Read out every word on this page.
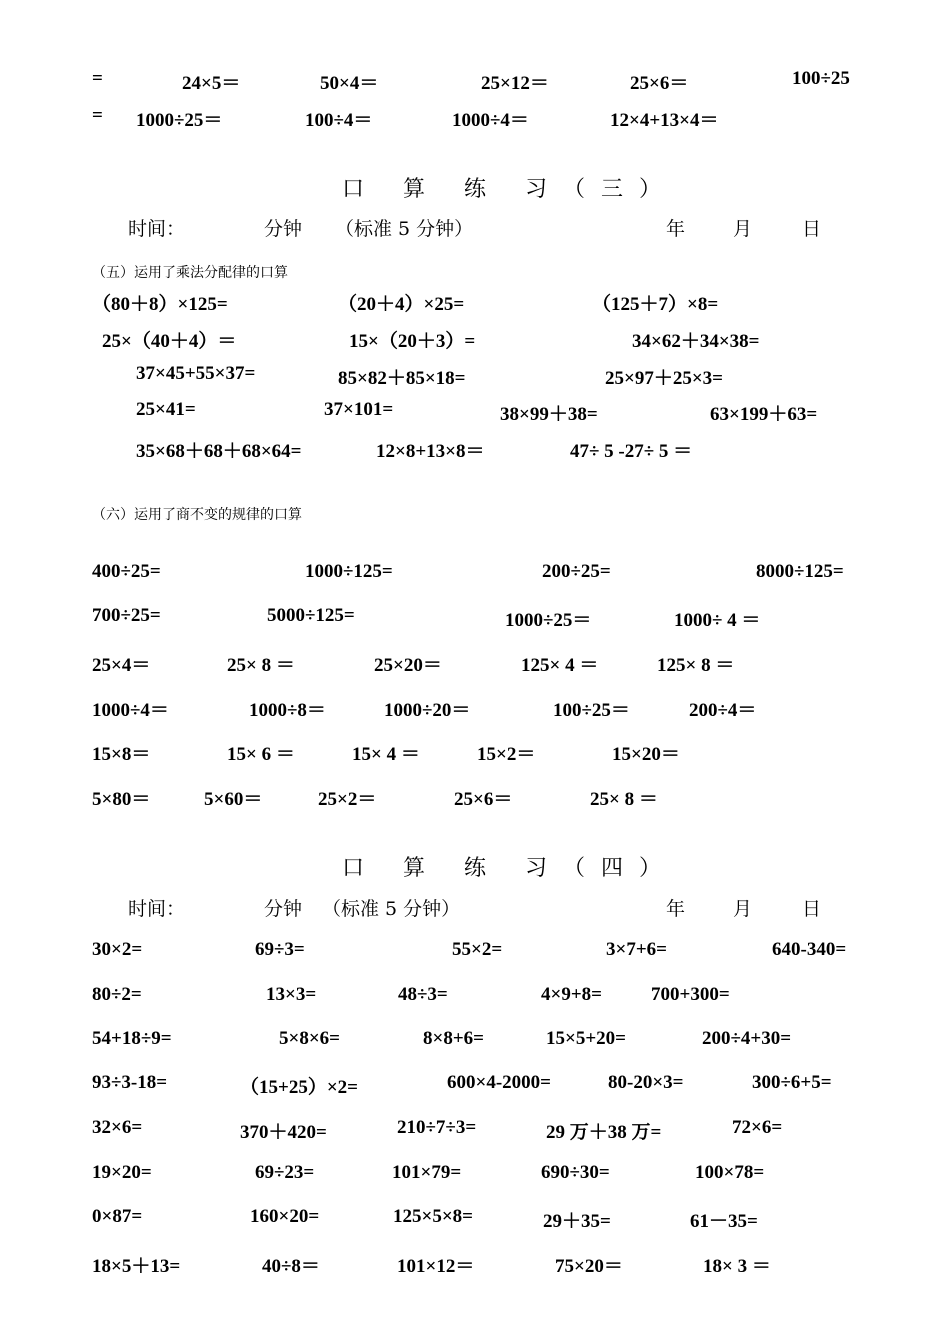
=	24×5＝	50×4＝	25×12＝	25×6＝	100÷25
= 1000÷25＝	100÷4＝	1000÷4＝	12×4+13×4＝
口 算 练 习（三）
时间：	分钟 （标准 5 分钟）	年	月	日
（五）运用了乘法分配律的口算
（80＋8）×125=	（20＋4）×25=	（125＋7）×8=
25×（40＋4）＝	15×（20＋3）=	34×62＋34×38=
37×45+55×37=	85×82＋85×18=	25×97＋25×3=
25×41=	37×101=	38×99＋38=	63×199＋63=
35×68＋68＋68×64=	12×8+13×8＝	47÷ 5 -27÷ 5 ＝
（六）运用了商不变的规律的口算
400÷25=	1000÷125=	200÷25=	8000÷125=
700÷25=	5000÷125=	1000÷25＝	1000÷ 4 ＝
25×4＝	25× 8 ＝	25×20＝	125× 4 ＝	125× 8 ＝
1000÷4＝	1000÷8＝	1000÷20＝	100÷25＝	200÷4＝
15×8＝	15× 6 ＝	15× 4 ＝	15×2＝	15×20＝
5×80＝	5×60＝	25×2＝	25×6＝	25× 8 ＝
口 算 练 习（四）
时间：	分钟 （标准 5 分钟）	年	月	日
30×2=	69÷3=	55×2=	3×7+6=	640-340=
80÷2=	13×3=	48÷3=	4×9+8=	700+300=
54+18÷9=	5×8×6=	8×8+6=	15×5+20=	200÷4+30=
93÷3-18=	（15+25）×2=	600×4-2000=	80-20×3=	300÷6+5=
32×6=	370＋420=	210÷7÷3=	29 万＋38 万=	72×6=
19×20=	69÷23=	101×79=	690÷30=	100×78=
0×87=	160×20=	125×5×8=	29＋35=	61－35=
18×5＋13=	40÷8＝	101×12＝	75×20＝	18× 3 ＝
